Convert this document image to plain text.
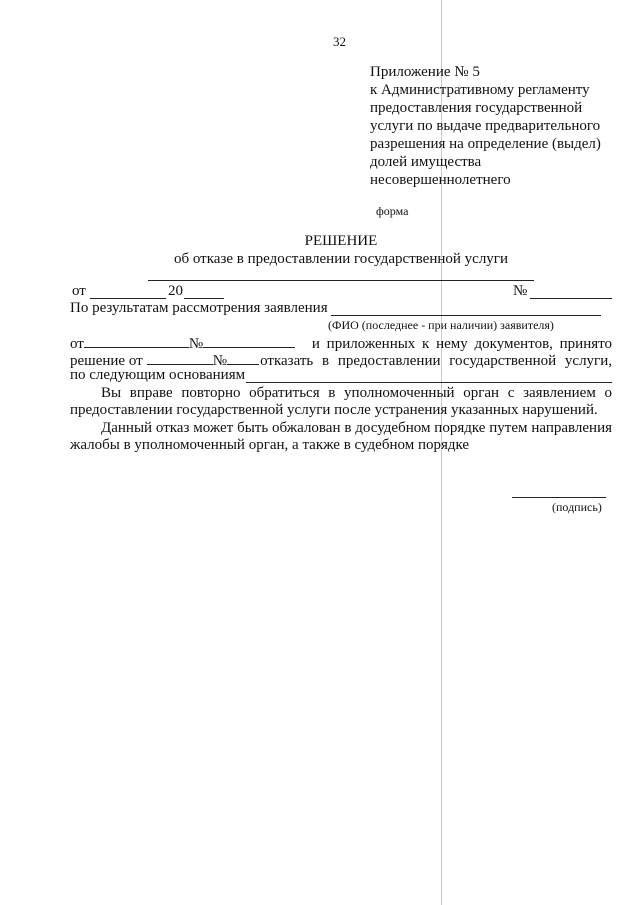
32
Приложение № 5
к Административному регламенту
предоставления государственной
услуги по выдаче предварительного
разрешения на определение (выдел)
долей имущества
несовершеннолетнего
форма
РЕШЕНИЕ
об отказе в предоставлении государственной услуги
от	20	№
По результатам рассмотрения заявления
(ФИО (последнее - при наличии) заявителя)
от	№	и приложенных к нему документов, принято
решение от	№ отказать в предоставлении государственной услуги,
по следующим основаниям
Вы вправе повторно обратиться в уполномоченный орган с заявлением о
предоставлении государственной услуги после устранения указанных нарушений.
Данный отказ может быть обжалован в досудебном порядке путем направления
жалобы в уполномоченный орган, а также в судебном порядке
(подпись)
